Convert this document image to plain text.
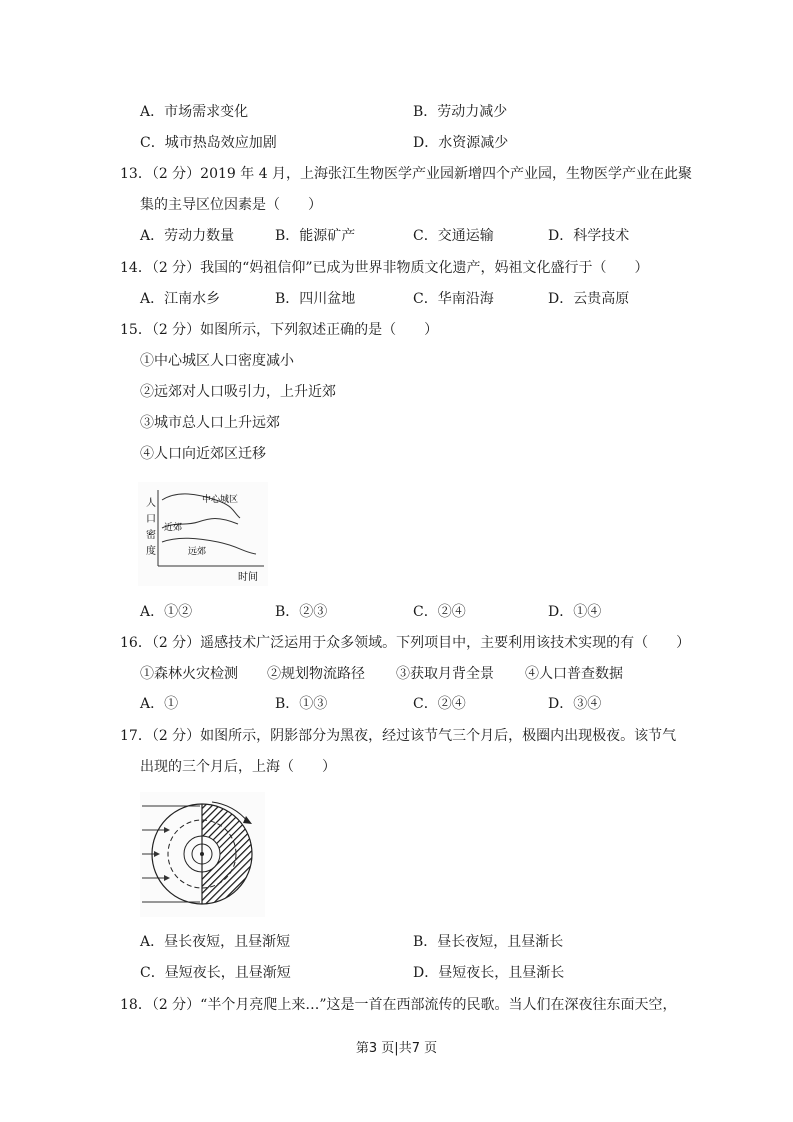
A．市场需求变化	B．劳动力减少
C．城市热岛效应加剧	D．水资源减少
13．（2 分）2019 年 4 月，上海张江生物医学产业园新增四个产业园，生物医学产业在此聚
集的主导区位因素是（　　）
A．劳动力数量	B．能源矿产	C．交通运输	D．科学技术
14．（2 分）我国的“妈祖信仰”已成为世界非物质文化遗产，妈祖文化盛行于（　　）
A．江南水乡	B．四川盆地	C．华南沿海	D．云贵高原
15．（2 分）如图所示，下列叙述正确的是（　　）
①中心城区人口密度减小
②远郊对人口吸引力，上升近郊
③城市总人口上升远郊
④人口向近郊区迁移
人
口
密
度
时间
中心城区
近郊
远郊
A．①②	B．②③	C．②④	D．①④
16．（2 分）遥感技术广泛运用于众多领域。下列项目中，主要利用该技术实现的有（　　）
①森林火灾检测 ②规划物流路径 ③获取月背全景 ④人口普查数据
A．①	B．①③	C．②④	D．③④
17．（2 分）如图所示，阴影部分为黑夜，经过该节气三个月后，极圈内出现极夜。该节气
出现的三个月后，上海（　　）
A．昼长夜短，且昼渐短	B．昼长夜短，且昼渐长
C．昼短夜长，且昼渐短	D．昼短夜长，且昼渐长
18．（2 分）“半个月亮爬上来…”这是一首在西部流传的民歌。当人们在深夜往东面天空，
第3 页|共7 页
